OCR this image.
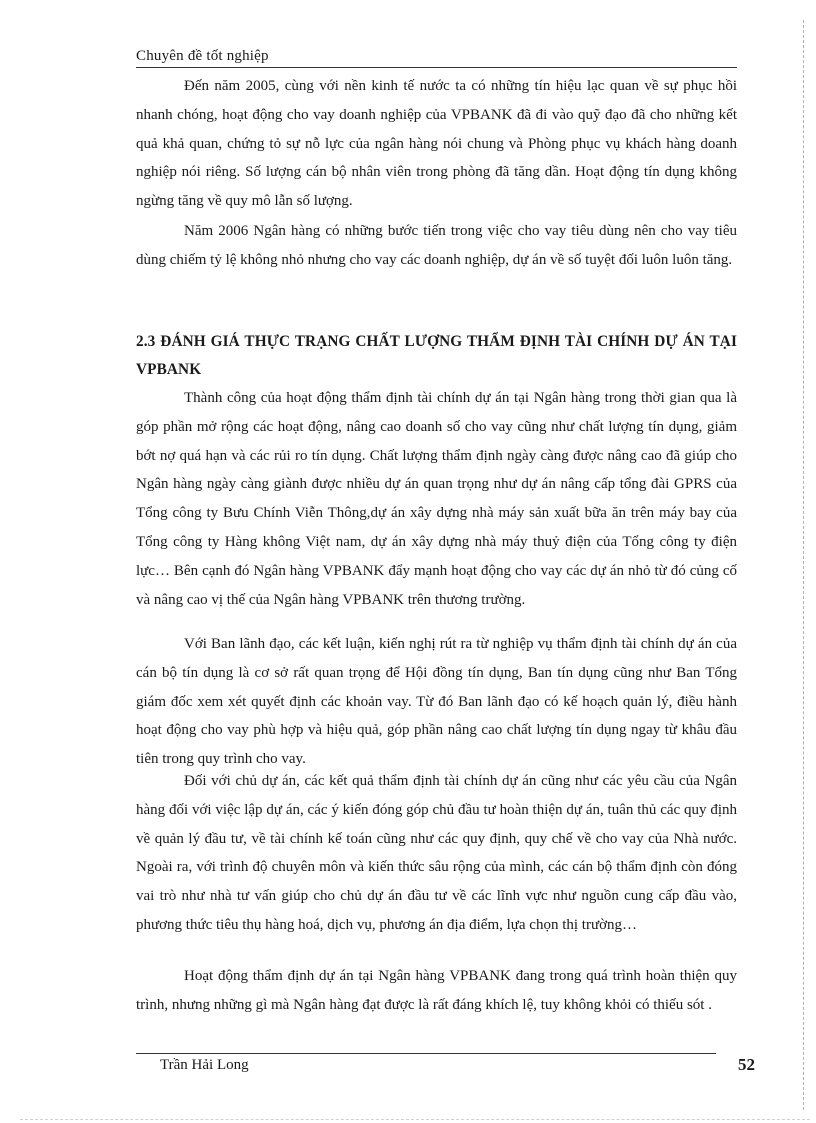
Chuyên đề tốt nghiệp

Đến năm 2005, cùng với nền kinh tế nước ta có những tín hiệu lạc quan về sự phục hồi nhanh chóng, hoạt động cho vay doanh nghiệp của VPBANK đã đi vào quỹ đạo đã cho những kết quả khả quan, chứng tỏ sự nỗ lực của ngân hàng nói chung và Phòng phục vụ khách hàng doanh nghiệp nói riêng. Số lượng cán bộ nhân viên trong phòng đã tăng dần. Hoạt động tín dụng không ngừng tăng về quy mô lẫn số lượng.

Năm 2006 Ngân hàng có những bước tiến trong việc cho vay tiêu dùng nên cho vay tiêu dùng chiếm tỷ lệ không nhỏ nhưng cho vay các doanh nghiệp, dự án về số tuyệt đối luôn luôn tăng.

2.3 ĐÁNH GIÁ THỰC TRẠNG CHẤT LƯỢNG THẨM ĐỊNH TÀI CHÍNH DỰ ÁN TẠI VPBANK

Thành công của hoạt động thẩm định tài chính dự án tại Ngân hàng trong thời gian qua là góp phần mở rộng các hoạt động, nâng cao doanh số cho vay cũng như chất lượng tín dụng, giảm bớt nợ quá hạn và các rủi ro tín dụng. Chất lượng thẩm định ngày càng được nâng cao đã giúp cho Ngân hàng ngày càng giành được nhiều dự án quan trọng như dự án nâng cấp tổng đài GPRS của Tổng công ty Bưu Chính Viễn Thông,dự án xây dựng nhà máy sản xuất bữa ăn trên máy bay của Tổng công ty Hàng không Việt nam, dự án xây dựng nhà máy thuỷ điện của Tổng công ty điện lực… Bên cạnh đó Ngân hàng VPBANK đẩy mạnh hoạt động cho vay các dự án nhỏ từ đó củng cố và nâng cao vị thế của Ngân hàng VPBANK trên thương trường.

Với Ban lãnh đạo, các kết luận, kiến nghị rút ra từ nghiệp vụ thẩm định tài chính dự án của cán bộ tín dụng là cơ sở rất quan trọng để Hội đồng tín dụng, Ban tín dụng cũng như Ban Tổng giám đốc xem xét quyết định các khoản vay. Từ đó Ban lãnh đạo có kế hoạch quản lý, điều hành hoạt động cho vay phù hợp và hiệu quả, góp phần nâng cao chất lượng tín dụng ngay từ khâu đầu tiên trong quy trình cho vay.

Đối với chủ dự án, các kết quả thẩm định tài chính dự án cũng như các yêu cầu của Ngân hàng đối với việc lập dự án, các ý kiến đóng góp chủ đầu tư hoàn thiện dự án, tuân thủ các quy định về quản lý đầu tư, về tài chính kế toán cũng như các quy định, quy chế về cho vay của Nhà nước. Ngoài ra, với trình độ chuyên môn và kiến thức sâu rộng của mình, các cán bộ thẩm định còn đóng vai trò như nhà tư vấn giúp cho chủ dự án đầu tư về các lĩnh vực như nguồn cung cấp đầu vào, phương thức tiêu thụ hàng hoá, dịch vụ, phương án địa điểm, lựa chọn thị trường…

Hoạt động thẩm định dự án tại Ngân hàng VPBANK đang trong quá trình hoàn thiện quy trình, nhưng những gì mà Ngân hàng đạt được là rất đáng khích lệ, tuy không khỏi có thiếu sót .

Trần Hải Long	52
